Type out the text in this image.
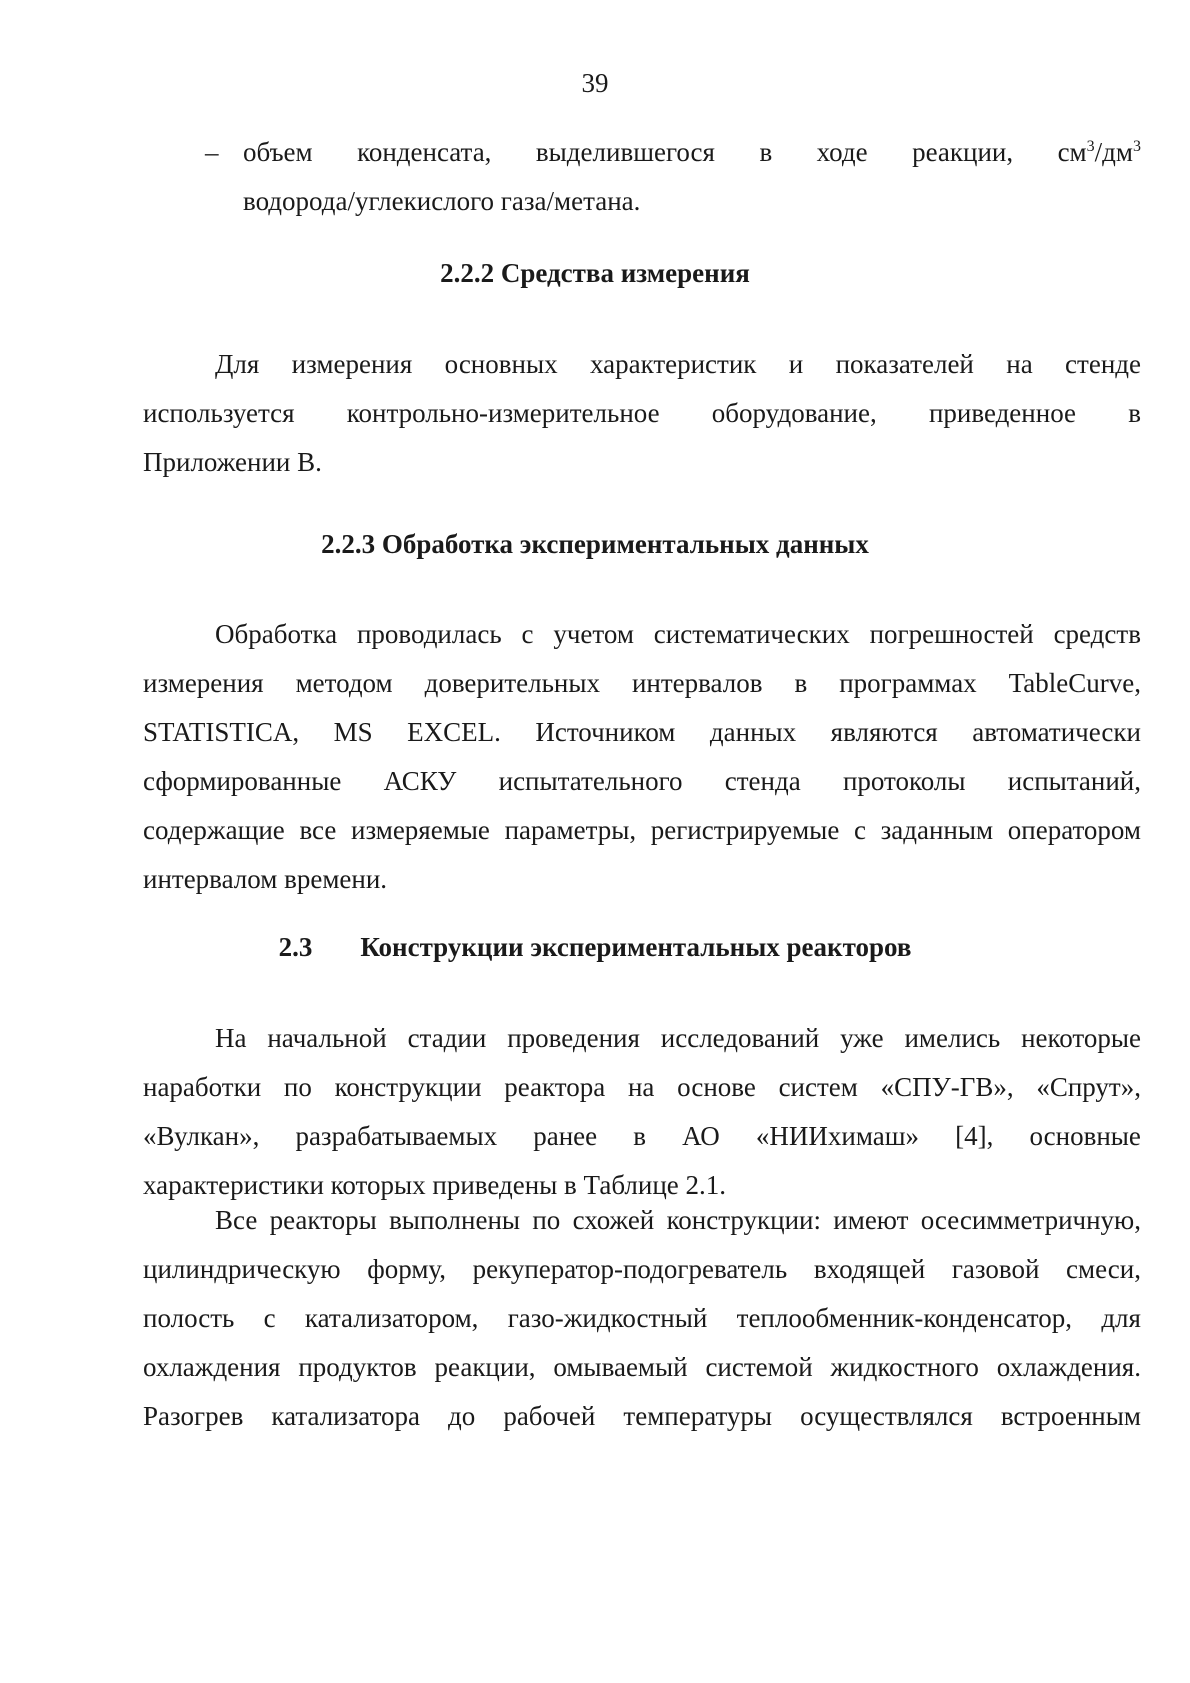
39
– объем конденсата, выделившегося в ходе реакции, $см^3/дм^3$
водорода/углекислого газа/метана.
2.2.2 Средства измерения
Для измерения основных характеристик и показателей на стенде
используется контрольно-измерительное оборудование, приведенное в
Приложении В.
2.2.3 Обработка экспериментальных данных
Обработка проводилась с учетом систематических погрешностей средств
измерения методом доверительных интервалов в программах TableCurve,
STATISTICA, MS EXCEL. Источником данных являются автоматически
сформированные АСКУ испытательного стенда протоколы испытаний,
содержащие все измеряемые параметры, регистрируемые с заданным оператором
интервалом времени.
2.3 Конструкции экспериментальных реакторов
На начальной стадии проведения исследований уже имелись некоторые
наработки по конструкции реактора на основе систем «СПУ-ГВ», «Спрут»,
«Вулкан», разрабатываемых ранее в АО «НИИхимаш» [4], основные
характеристики которых приведены в Таблице 2.1.
Все реакторы выполнены по схожей конструкции: имеют осесимметричную,
цилиндрическую форму, рекуператор-подогреватель входящей газовой смеси,
полость с катализатором, газо-жидкостный теплообменник-конденсатор, для
охлаждения продуктов реакции, омываемый системой жидкостного охлаждения.
Разогрев катализатора до рабочей температуры осуществлялся встроенным
